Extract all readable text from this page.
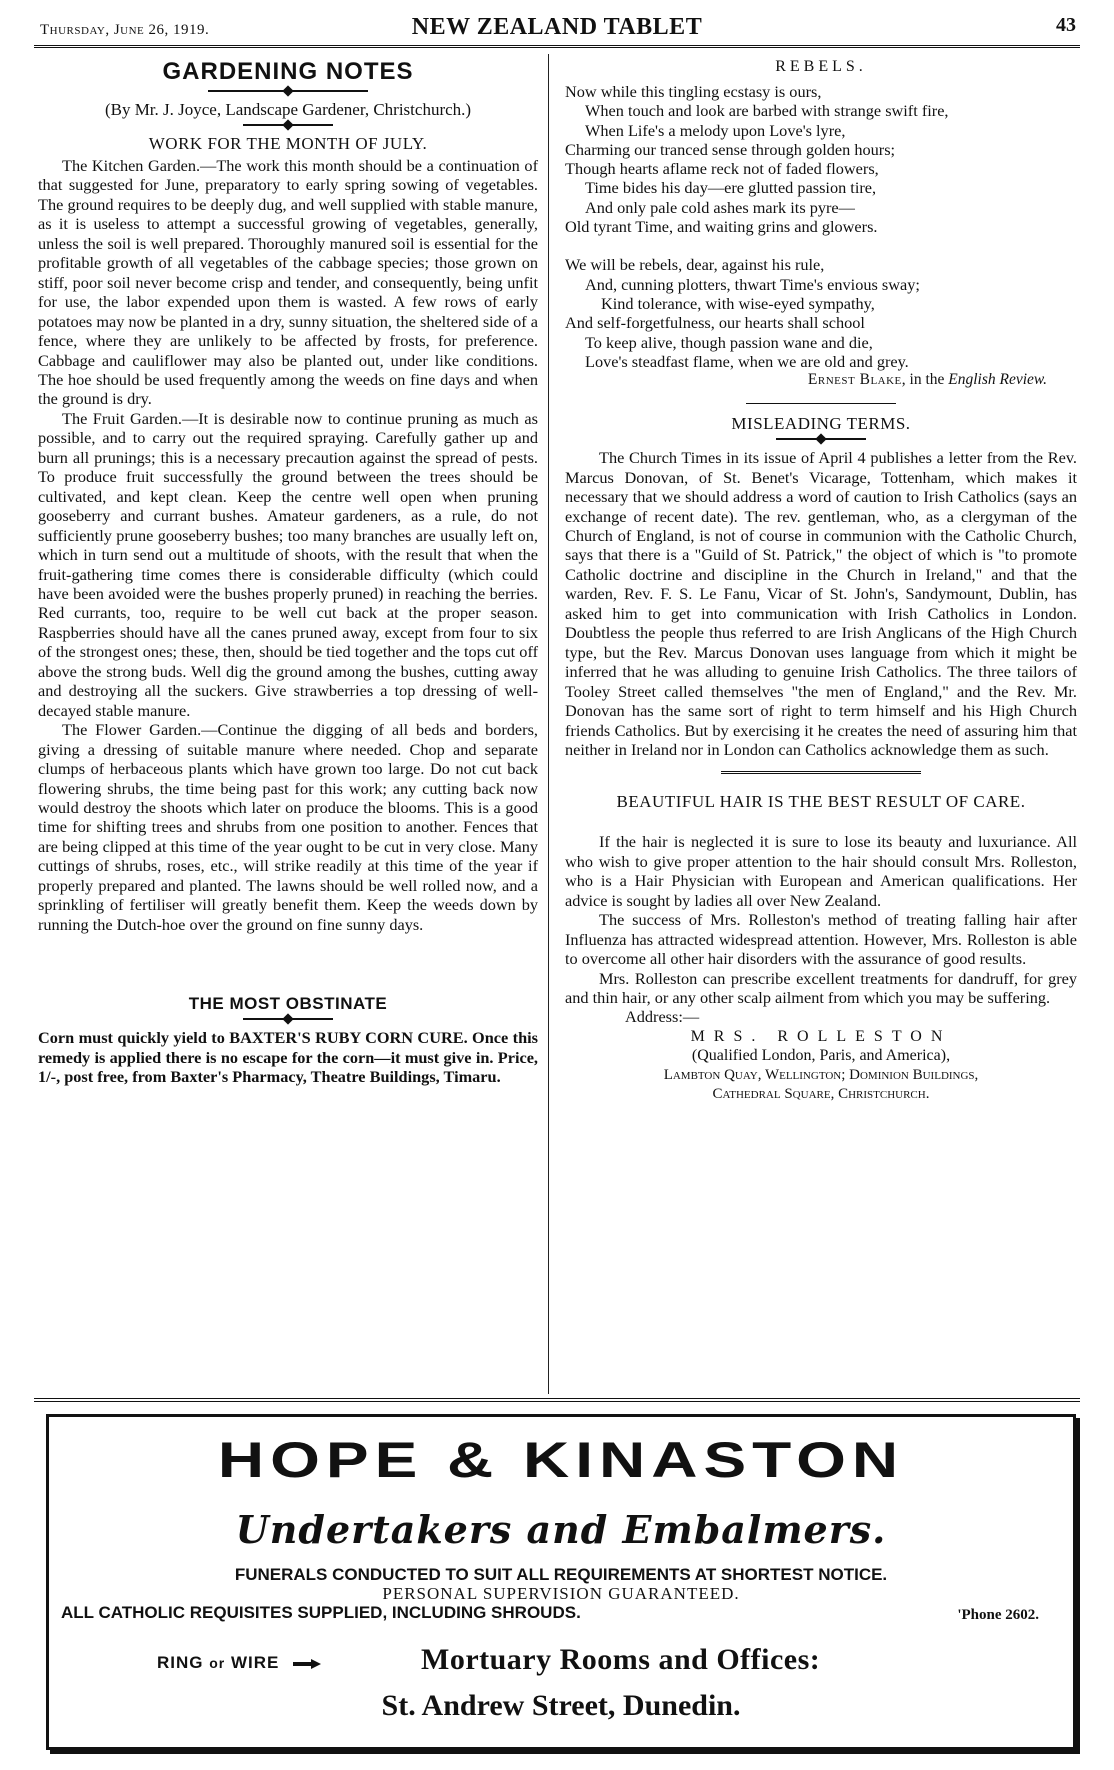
Thursday, June 26, 1919.	NEW ZEALAND TABLET	43
GARDENING NOTES
(By Mr. J. Joyce, Landscape Gardener, Christchurch.)
WORK FOR THE MONTH OF JULY.

The Kitchen Garden.—The work this month should be a continuation of that suggested for June, preparatory to early spring sowing of vegetables. The ground requires to be deeply dug, and well supplied with stable manure, as it is useless to attempt a successful growing of vegetables, generally, unless the soil is well prepared. Thoroughly manured soil is essential for the profitable growth of all vegetables of the cabbage species; those grown on stiff, poor soil never become crisp and tender, and consequently, being unfit for use, the labor expended upon them is wasted. A few rows of early potatoes may now be planted in a dry, sunny situation, the sheltered side of a fence, where they are unlikely to be affected by frosts, for preference. Cabbage and cauliflower may also be planted out, under like conditions. The hoe should be used frequently among the weeds on fine days and when the ground is dry.

The Fruit Garden.—It is desirable now to continue pruning as much as possible, and to carry out the required spraying. Carefully gather up and burn all prunings; this is a necessary precaution against the spread of pests. To produce fruit successfully the ground between the trees should be cultivated, and kept clean. Keep the centre well open when pruning gooseberry and currant bushes. Amateur gardeners, as a rule, do not sufficiently prune gooseberry bushes; too many branches are usually left on, which in turn send out a multitude of shoots, with the result that when the fruit-gathering time comes there is considerable difficulty (which could have been avoided were the bushes properly pruned) in reaching the berries. Red currants, too, require to be well cut back at the proper season. Raspberries should have all the canes pruned away, except from four to six of the strongest ones; these, then, should be tied together and the tops cut off above the strong buds. Well dig the ground among the bushes, cutting away and destroying all the suckers. Give strawberries a top dressing of well-decayed stable manure.

The Flower Garden.—Continue the digging of all beds and borders, giving a dressing of suitable manure where needed. Chop and separate clumps of herbaceous plants which have grown too large. Do not cut back flowering shrubs, the time being past for this work; any cutting back now would destroy the shoots which later on produce the blooms. This is a good time for shifting trees and shrubs from one position to another. Fences that are being clipped at this time of the year ought to be cut in very close. Many cuttings of shrubs, roses, etc., will strike readily at this time of the year if properly prepared and planted. The lawns should be well rolled now, and a sprinkling of fertiliser will greatly benefit them. Keep the weeds down by running the Dutch-hoe over the ground on fine sunny days.

THE MOST OBSTINATE

Corn must quickly yield to BAXTER'S RUBY CORN CURE. Once this remedy is applied there is no escape for the corn—it must give in. Price, 1/-, post free, from Baxter's Pharmacy, Theatre Buildings, Timaru.

REBELS.
Now while this tingling ecstasy is ours,
When touch and look are barbed with strange swift fire,
When Life's a melody upon Love's lyre,
Charming our tranced sense through golden hours;
Though hearts aflame reck not of faded flowers,
Time bides his day—ere glutted passion tire,
And only pale cold ashes mark its pyre—
Old tyrant Time, and waiting grins and glowers.
We will be rebels, dear, against his rule,
And, cunning plotters, thwart Time's envious sway;
Kind tolerance, with wise-eyed sympathy,
And self-forgetfulness, our hearts shall school
To keep alive, though passion wane and die,
Love's steadfast flame, when we are old and grey.
Ernest Blake, in the English Review.
MISLEADING TERMS.

The Church Times in its issue of April 4 publishes a letter from the Rev. Marcus Donovan, of St. Benet's Vicarage, Tottenham, which makes it necessary that we should address a word of caution to Irish Catholics (says an exchange of recent date). The rev. gentleman, who, as a clergyman of the Church of England, is not of course in communion with the Catholic Church, says that there is a "Guild of St. Patrick," the object of which is "to promote Catholic doctrine and discipline in the Church in Ireland," and that the warden, Rev. F. S. Le Fanu, Vicar of St. John's, Sandymount, Dublin, has asked him to get into communication with Irish Catholics in London. Doubtless the people thus referred to are Irish Anglicans of the High Church type, but the Rev. Marcus Donovan uses language from which it might be inferred that he was alluding to genuine Irish Catholics. The three tailors of Tooley Street called themselves "the men of England," and the Rev. Mr. Donovan has the same sort of right to term himself and his High Church friends Catholics. But by exercising it he creates the need of assuring him that neither in Ireland nor in London can Catholics acknowledge them as such.

BEAUTIFUL HAIR IS THE BEST RESULT OF CARE.

If the hair is neglected it is sure to lose its beauty and luxuriance. All who wish to give proper attention to the hair should consult Mrs. Rolleston, who is a Hair Physician with European and American qualifications. Her advice is sought by ladies all over New Zealand.

The success of Mrs. Rolleston's method of treating falling hair after Influenza has attracted widespread attention. However, Mrs. Rolleston is able to overcome all other hair disorders with the assurance of good results.

Mrs. Rolleston can prescribe excellent treatments for dandruff, for grey and thin hair, or any other scalp ailment from which you may be suffering.

Address:—
MRS. ROLLESTON
(Qualified London, Paris, and America),
Lambton Quay, Wellington; Dominion Buildings,
Cathedral Square, Christchurch.
HOPE & KINASTON
Undertakers and Embalmers.
FUNERALS CONDUCTED TO SUIT ALL REQUIREMENTS AT SHORTEST NOTICE.
PERSONAL SUPERVISION GUARANTEED.
ALL CATHOLIC REQUISITES SUPPLIED, INCLUDING SHROUDS.	'Phone 2602.
RING or WIRE	Mortuary Rooms and Offices:
St. Andrew Street, Dunedin.
